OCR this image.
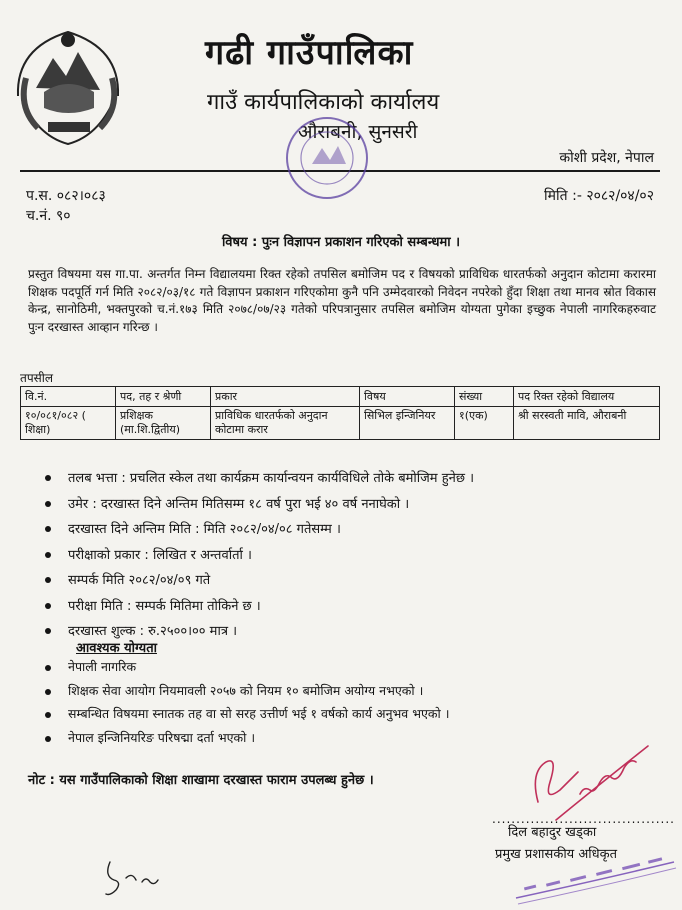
गढी गाउँपालिका
गाउँ कार्यपालिकाको कार्यालय
औराबनी, सुनसरी
कोशी प्रदेश, नेपाल
प.स. ०८२।०८३
च.नं. ९०
मिति :- २०८२/०४/०२
विषय : पुःन विज्ञापन प्रकाशन गरिएको सम्बन्धमा ।
प्रस्तुत विषयमा यस गा.पा. अन्तर्गत निम्न विद्यालयमा रिक्त रहेको तपसिल बमोजिम पद र विषयको प्राविधिक धारतर्फको अनुदान कोटामा करारमा शिक्षक पदपूर्ति गर्न मिति २०८२/०३/१८ गते विज्ञापन प्रकाशन गरिएकोमा कुनै पनि उम्मेदवारको निवेदन नपरेको हुँदा शिक्षा तथा मानव स्रोत विकास केन्द्र, सानोठिमी, भक्तपुरको च.नं.१७३ मिति २०७८/०७/२३ गतेको परिपत्रानुसार तपसिल बमोजिम योग्यता पुगेका इच्छुक नेपाली नागरिकहरुवाट पुःन दरखास्त आव्हान गरिन्छ ।
तपसील
वि.नं.	पद, तह र श्रेणी	प्रकार	विषय	संख्या	पद रिक्त रहेको विद्यालय
१०/०८१/०८२ ( शिक्षा)	प्रशिक्षक (मा.शि.द्वितीय)	प्राविधिक धारतर्फको अनुदान कोटामा करार	सिभिल इन्जिनियर	१(एक)	श्री सरस्वती मावि, औराबनी
तलब भत्ता : प्रचलित स्केल तथा कार्यक्रम कार्यान्वयन कार्यविधिले तोके बमोजिम हुनेछ ।
उमेर : दरखास्त दिने अन्तिम मितिसम्म १८ वर्ष पुरा भई ४० वर्ष ननाघेको ।
दरखास्त दिने अन्तिम मिति : मिति २०८२/०४/०८ गतेसम्म ।
परीक्षाको प्रकार : लिखित र अन्तर्वार्ता ।
सम्पर्क मिति २०८२/०४/०९ गते
परीक्षा मिति : सम्पर्क मितिमा तोकिने छ ।
दरखास्त शुल्क : रु.२५००।०० मात्र ।
आवश्यक योग्यता
नेपाली नागरिक
शिक्षक सेवा आयोग नियमावली २०५७ को नियम १० बमोजिम अयोग्य नभएको ।
सम्बन्धित विषयमा स्नातक तह वा सो सरह उत्तीर्ण भई १ वर्षको कार्य अनुभव भएको ।
नेपाल इन्जिनियरिङ परिषद्मा दर्ता भएको ।
नोट : यस गाउँपालिकाको शिक्षा शाखामा दरखास्त फाराम उपलब्ध हुनेछ ।
......................................
दिल बहादुर खड्का
प्रमुख प्रशासकीय अधिकृत
